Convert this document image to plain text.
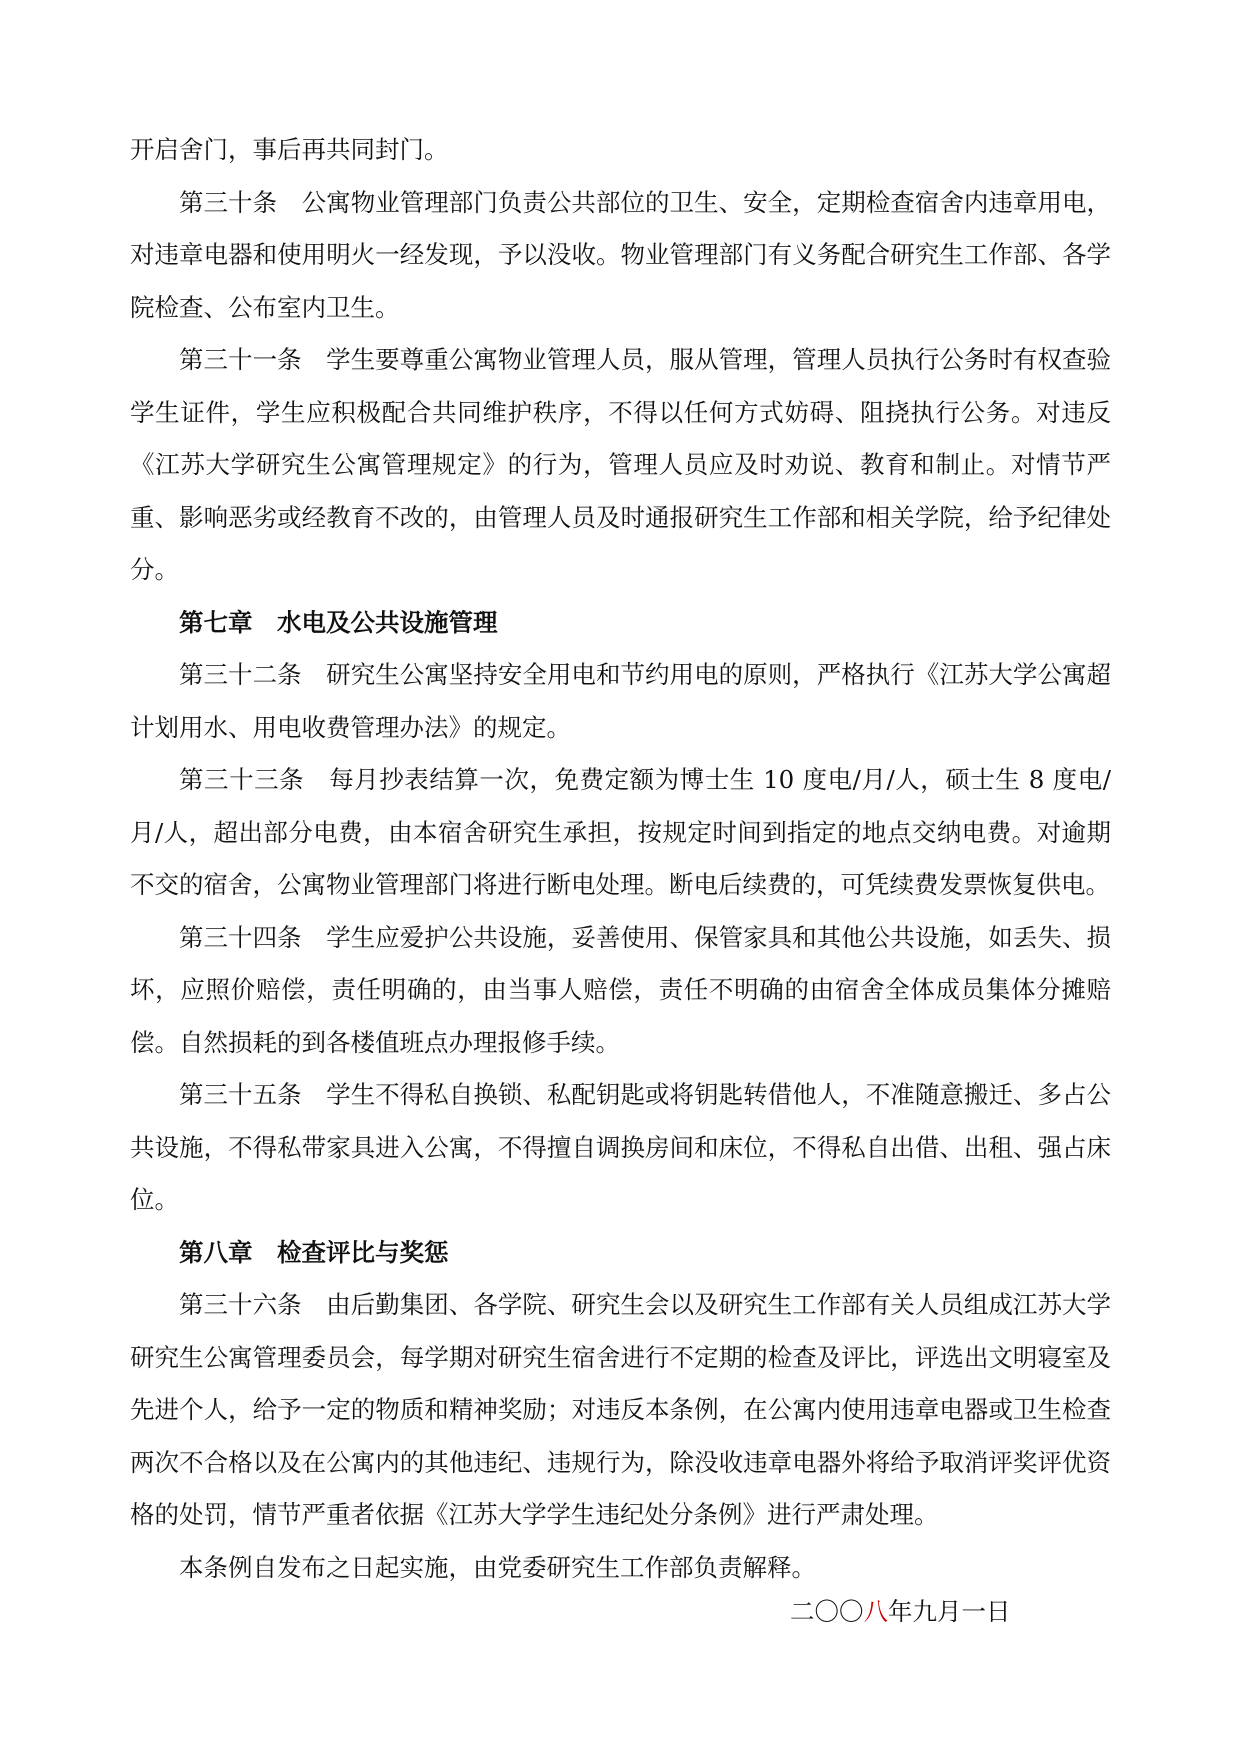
开启舍门，事后再共同封门。

第三十条 公寓物业管理部门负责公共部位的卫生、安全，定期检查宿舍内违章用电，对违章电器和使用明火一经发现，予以没收。物业管理部门有义务配合研究生工作部、各学院检查、公布室内卫生。

第三十一条 学生要尊重公寓物业管理人员，服从管理，管理人员执行公务时有权查验学生证件，学生应积极配合共同维护秩序，不得以任何方式妨碍、阻挠执行公务。对违反《江苏大学研究生公寓管理规定》的行为，管理人员应及时劝说、教育和制止。对情节严重、影响恶劣或经教育不改的，由管理人员及时通报研究生工作部和相关学院，给予纪律处分。

第七章 水电及公共设施管理

第三十二条 研究生公寓坚持安全用电和节约用电的原则，严格执行《江苏大学公寓超计划用水、用电收费管理办法》的规定。

第三十三条 每月抄表结算一次，免费定额为博士生 10 度电/月/人，硕士生 8 度电/月/人，超出部分电费，由本宿舍研究生承担，按规定时间到指定的地点交纳电费。对逾期不交的宿舍，公寓物业管理部门将进行断电处理。断电后续费的，可凭续费发票恢复供电。

第三十四条 学生应爱护公共设施，妥善使用、保管家具和其他公共设施，如丢失、损坏，应照价赔偿，责任明确的，由当事人赔偿，责任不明确的由宿舍全体成员集体分摊赔偿。自然损耗的到各楼值班点办理报修手续。

第三十五条 学生不得私自换锁、私配钥匙或将钥匙转借他人，不准随意搬迁、多占公共设施，不得私带家具进入公寓，不得擅自调换房间和床位，不得私自出借、出租、强占床位。

第八章 检查评比与奖惩

第三十六条 由后勤集团、各学院、研究生会以及研究生工作部有关人员组成江苏大学研究生公寓管理委员会，每学期对研究生宿舍进行不定期的检查及评比，评选出文明寝室及先进个人，给予一定的物质和精神奖励；对违反本条例，在公寓内使用违章电器或卫生检查两次不合格以及在公寓内的其他违纪、违规行为，除没收违章电器外将给予取消评奖评优资格的处罚，情节严重者依据《江苏大学学生违纪处分条例》进行严肃处理。

本条例自发布之日起实施，由党委研究生工作部负责解释。

二〇〇八年九月一日
